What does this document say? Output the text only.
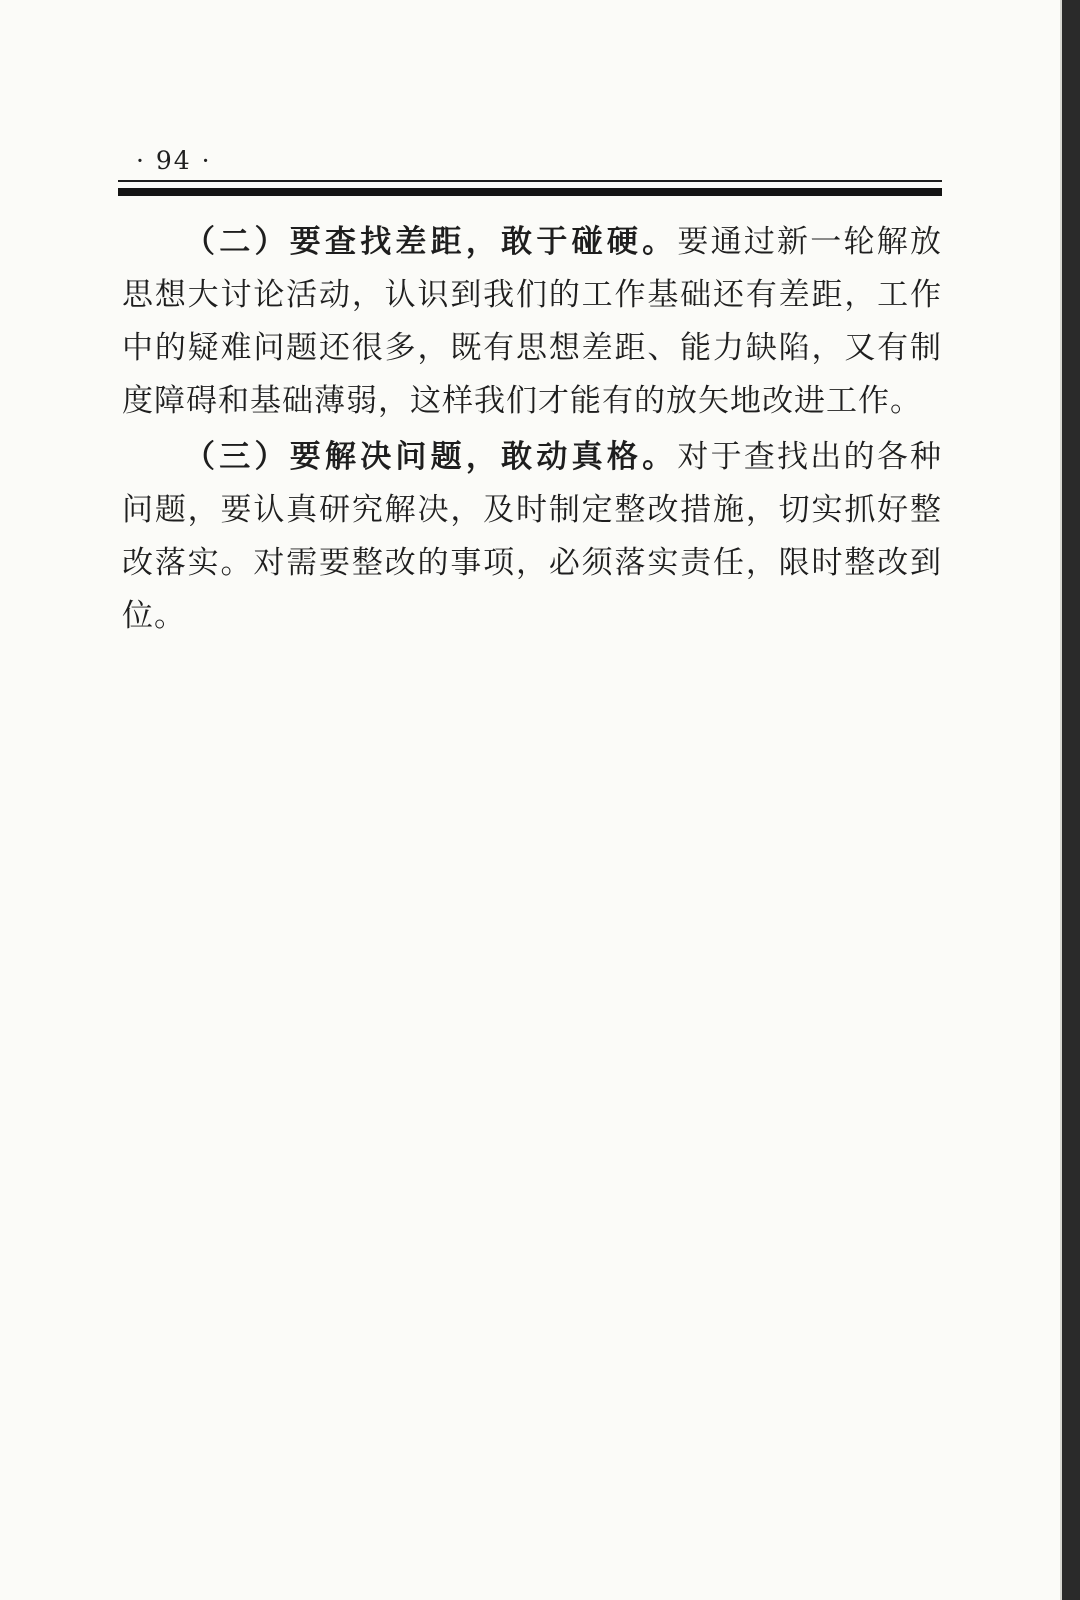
· 94 ·

（二）要查找差距，敢于碰硬。要通过新一轮解放思想大讨论活动，认识到我们的工作基础还有差距，工作中的疑难问题还很多，既有思想差距、能力缺陷，又有制度障碍和基础薄弱，这样我们才能有的放矢地改进工作。

（三）要解决问题，敢动真格。对于查找出的各种问题，要认真研究解决，及时制定整改措施，切实抓好整改落实。对需要整改的事项，必须落实责任，限时整改到位。
